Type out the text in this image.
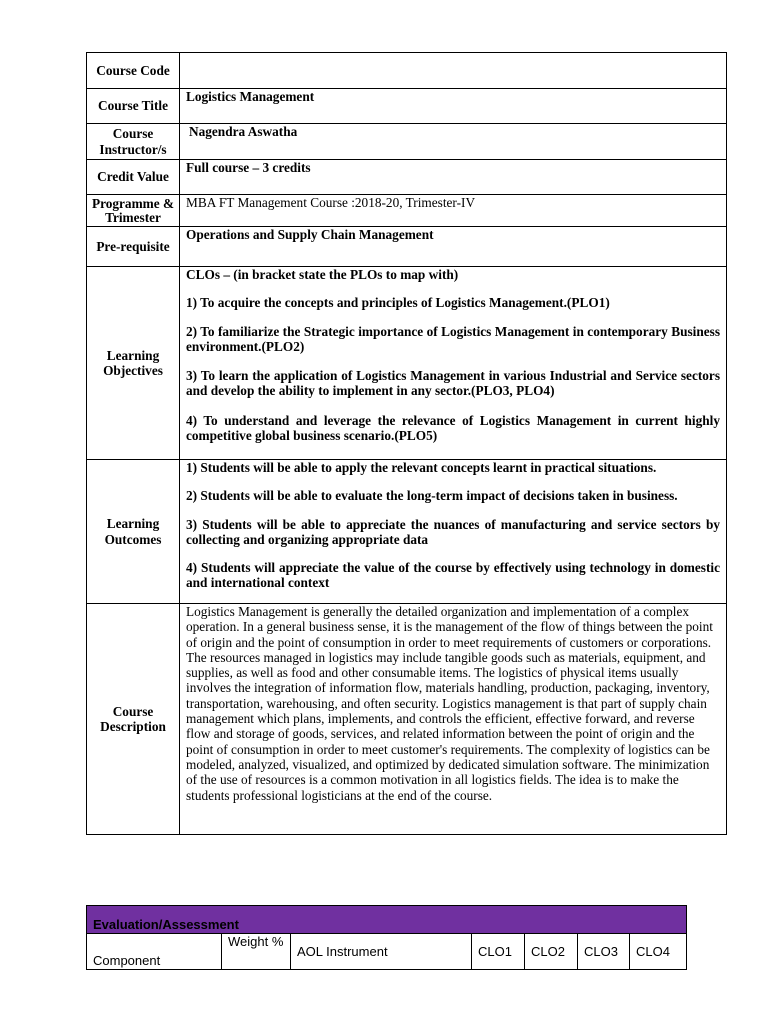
Course Code	
Course Title	Logistics Management
Course Instructor/s	Nagendra Aswatha
Credit Value	Full course – 3 credits
Programme & Trimester	MBA FT Management Course :2018-20, Trimester-IV
Pre-requisite	Operations and Supply Chain Management
Learning Objectives	CLOs – (in bracket state the PLOs to map with)

1) To acquire the concepts and principles of Logistics Management.(PLO1)

2) To familiarize the Strategic importance of Logistics Management in contemporary Business environment.(PLO2)

3) To learn the application of Logistics Management in various Industrial and Service sectors and develop the ability to implement in any sector.(PLO3, PLO4)

4) To understand and leverage the relevance of Logistics Management in current highly competitive global business scenario.(PLO5)

Learning Outcomes	1) Students will be able to apply the relevant concepts learnt in practical situations.

2) Students will be able to evaluate the long-term impact of decisions taken in business.

3) Students will be able to appreciate the nuances of manufacturing and service sectors by collecting and organizing appropriate data

4) Students will appreciate the value of the course by effectively using technology in domestic and international context

Course Description	Logistics Management is generally the detailed organization and implementation of a complex operation. In a general business sense, it is the management of the flow of things between the point of origin and the point of consumption in order to meet requirements of customers or corporations. The resources managed in logistics may include tangible goods such as materials, equipment, and supplies, as well as food and other consumable items. The logistics of physical items usually involves the integration of information flow, materials handling, production, packaging, inventory, transportation, warehousing, and often security. Logistics management is that part of supply chain management which plans, implements, and controls the efficient, effective forward, and reverse flow and storage of goods, services, and related information between the point of origin and the point of consumption in order to meet customer's requirements. The complexity of logistics can be modeled, analyzed, visualized, and optimized by dedicated simulation software. The minimization of the use of resources is a common motivation in all logistics fields. The idea is to make the students professional logisticians at the end of the course.
Evaluation/Assessment
Component	Weight %	AOL Instrument	CLO1	CLO2	CLO3	CLO4
